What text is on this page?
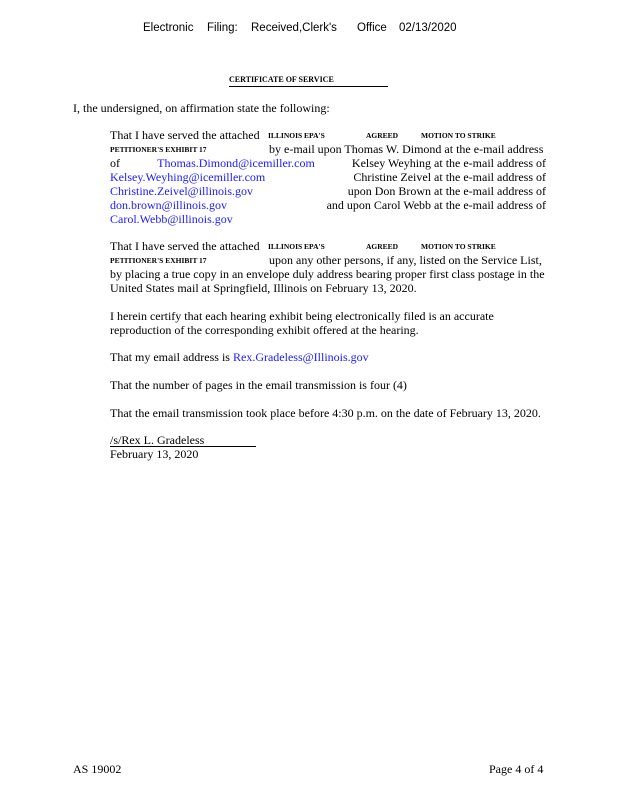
Electronic Filing: Received,Clerk's Office 02/13/2020
CERTIFICATE OF SERVICE
I, the undersigned, on affirmation state the following:
That I have served the attached ILLINOIS EPA'S	AGREED	MOTION TO STRIKE
PETITIONER'S EXHIBIT 17	by e-mail upon Thomas W. Dimond at the e-mail address
of	Thomas.Dimond@icemiller.com	Kelsey Weyhing at the e-mail address of
Kelsey.Weyhing@icemiller.com	Christine Zeivel at the e-mail address of
Christine.Zeivel@illinois.gov	upon Don Brown at the e-mail address of
don.brown@illinois.gov	and upon Carol Webb at the e-mail address of
Carol.Webb@illinois.gov
That I have served the attached ILLINOIS EPA'S	AGREED	MOTION TO STRIKE
PETITIONER'S EXHIBIT 17	upon any other persons, if any, listed on the Service List,
by placing a true copy in an envelope duly address bearing proper first class postage in the
United States mail at Springfield, Illinois on February 13, 2020.
I herein certify that each hearing exhibit being electronically filed is an accurate
reproduction of the corresponding exhibit offered at the hearing.
That my email address is Rex.Gradeless@Illinois.gov
That the number of pages in the email transmission is four (4)
That the email transmission took place before 4:30 p.m. on the date of February 13, 2020.
/s/Rex L. Gradeless
February 13, 2020
AS 19002	Page 4 of 4
